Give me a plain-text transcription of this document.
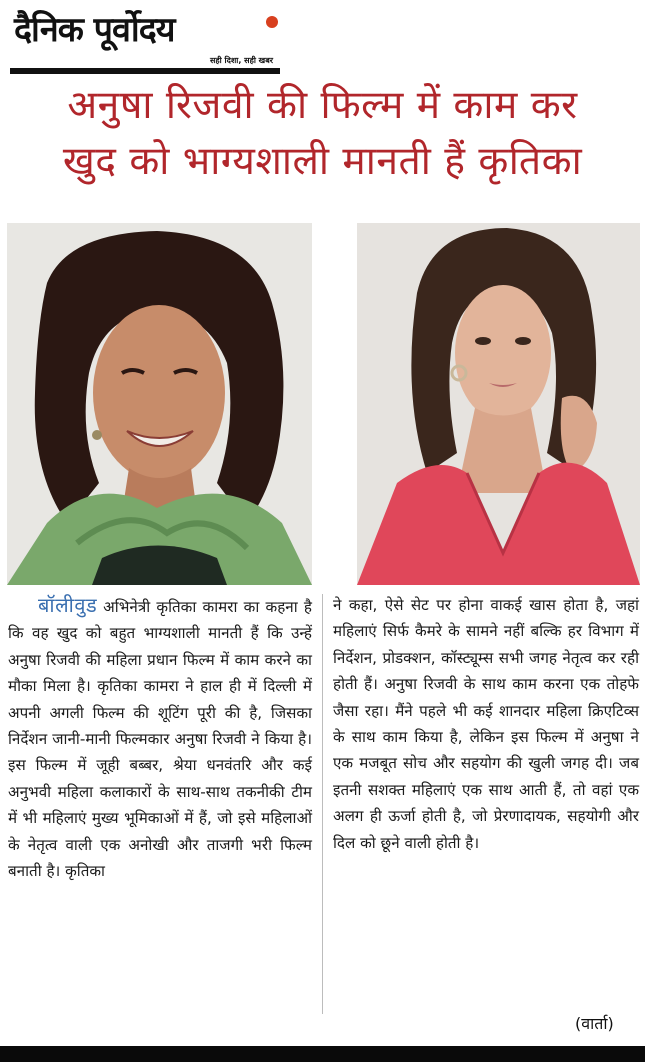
दैनिक पूर्वोदय
सही दिशा, सही खबर
अनुषा रिजवी की फिल्म में काम कर
खुद को भाग्यशाली मानती हैं कृतिका
बॉलीवुड अभिनेत्री कृतिका कामरा का कहना है कि वह खुद को बहुत भाग्यशाली मानती हैं कि उन्हें अनुषा रिजवी की महिला प्रधान फिल्म में काम करने का मौका मिला है। कृतिका कामरा ने हाल ही में दिल्ली में अपनी अगली फिल्म की शूटिंग पूरी की है, जिसका निर्देशन जानी-मानी फिल्मकार अनुषा रिजवी ने किया है। इस फिल्म में जूही बब्बर, श्रेया धनवंतरि और कई अनुभवी महिला कलाकारों के साथ-साथ तकनीकी टीम में भी महिलाएं मुख्य भूमिकाओं में हैं, जो इसे महिलाओं के नेतृत्व वाली एक अनोखी और ताजगी भरी फिल्म बनाती है। कृतिका
ने कहा, ऐसे सेट पर होना वाकई खास होता है, जहां महिलाएं सिर्फ कैमरे के सामने नहीं बल्कि हर विभाग में निर्देशन, प्रोडक्शन, कॉस्ट्यूम्स सभी जगह नेतृत्व कर रही होती हैं। अनुषा रिजवी के साथ काम करना एक तोहफे जैसा रहा। मैंने पहले भी कई शानदार महिला क्रिएटिव्स के साथ काम किया है, लेकिन इस फिल्म में अनुषा ने एक मजबूत सोच और सहयोग की खुली जगह दी। जब इतनी सशक्त महिलाएं एक साथ आती हैं, तो वहां एक अलग ही ऊर्जा होती है, जो प्रेरणादायक, सहयोगी और दिल को छूने वाली होती है।
(वार्ता)
